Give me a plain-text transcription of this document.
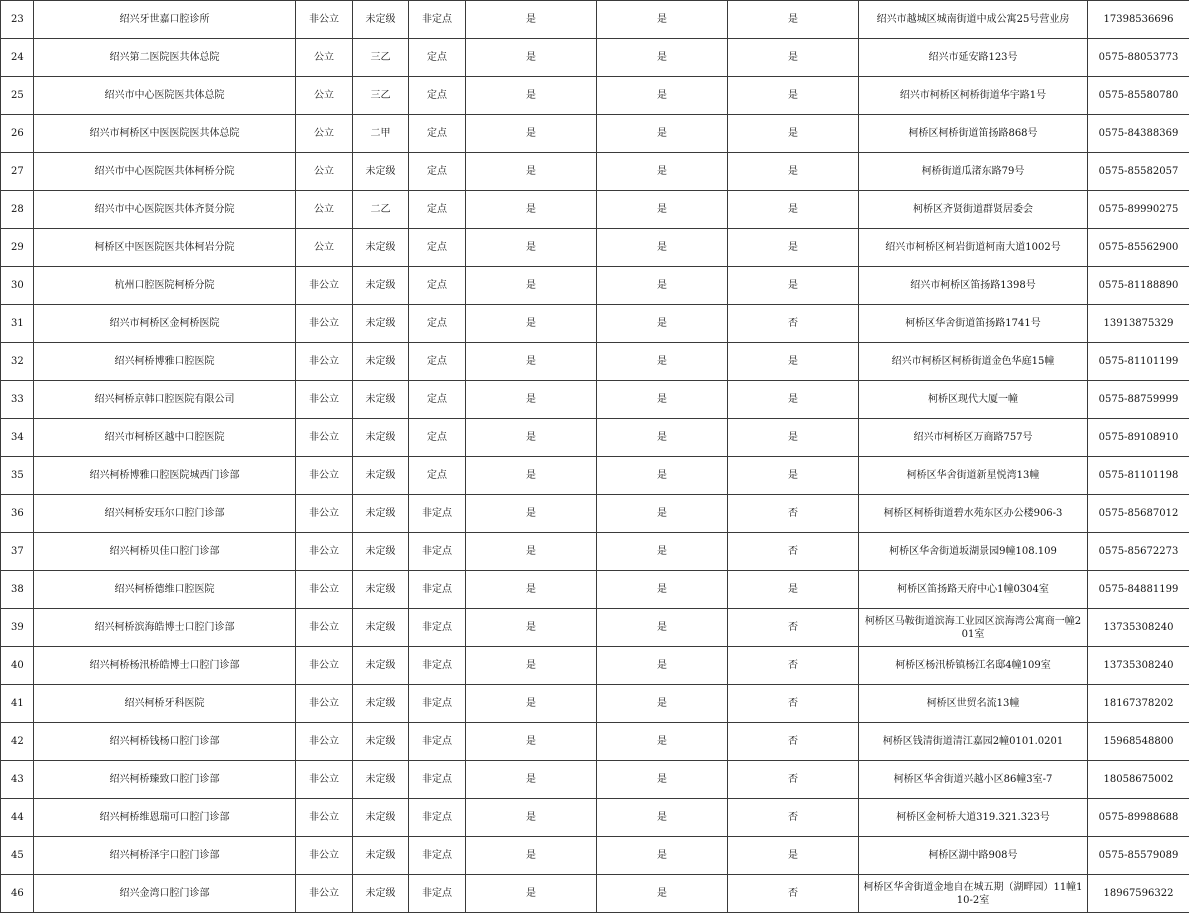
23	绍兴牙世嘉口腔诊所	非公立	未定级	非定点	是	是	是	绍兴市越城区城南街道中成公寓25号营业房	17398536696
24	绍兴第二医院医共体总院	公立	三乙	定点	是	是	是	绍兴市延安路123号	0575-88053773
25	绍兴市中心医院医共体总院	公立	三乙	定点	是	是	是	绍兴市柯桥区柯桥街道华宇路1号	0575-85580780
26	绍兴市柯桥区中医医院医共体总院	公立	二甲	定点	是	是	是	柯桥区柯桥街道笛扬路868号	0575-84388369
27	绍兴市中心医院医共体柯桥分院	公立	未定级	定点	是	是	是	柯桥街道瓜渚东路79号	0575-85582057
28	绍兴市中心医院医共体齐贤分院	公立	二乙	定点	是	是	是	柯桥区齐贤街道群贤居委会	0575-89990275
29	柯桥区中医医院医共体柯岩分院	公立	未定级	定点	是	是	是	绍兴市柯桥区柯岩街道柯南大道1002号	0575-85562900
30	杭州口腔医院柯桥分院	非公立	未定级	定点	是	是	是	绍兴市柯桥区笛扬路1398号	0575-81188890
31	绍兴市柯桥区金柯桥医院	非公立	未定级	定点	是	是	否	柯桥区华舍街道笛扬路1741号	13913875329
32	绍兴柯桥博雅口腔医院	非公立	未定级	定点	是	是	是	绍兴市柯桥区柯桥街道金色华庭15幢	0575-81101199
33	绍兴柯桥京韩口腔医院有限公司	非公立	未定级	定点	是	是	是	柯桥区现代大厦一幢	0575-88759999
34	绍兴市柯桥区越中口腔医院	非公立	未定级	定点	是	是	是	绍兴市柯桥区万商路757号	0575-89108910
35	绍兴柯桥博雅口腔医院城西门诊部	非公立	未定级	定点	是	是	是	柯桥区华舍街道新星悦湾13幢	0575-81101198
36	绍兴柯桥安珏尔口腔门诊部	非公立	未定级	非定点	是	是	否	柯桥区柯桥街道碧水苑东区办公楼906-3	0575-85687012
37	绍兴柯桥贝佳口腔门诊部	非公立	未定级	非定点	是	是	否	柯桥区华舍街道坂湖景园9幢108.109	0575-85672273
38	绍兴柯桥德维口腔医院	非公立	未定级	非定点	是	是	是	柯桥区笛扬路天府中心1幢0304室	0575-84881199
39	绍兴柯桥滨海皓博士口腔门诊部	非公立	未定级	非定点	是	是	否	柯桥区马鞍街道滨海工业园区滨海湾公寓商一幢201室	13735308240
40	绍兴柯桥杨汛桥皓博士口腔门诊部	非公立	未定级	非定点	是	是	否	柯桥区杨汛桥镇杨江名邸4幢109室	13735308240
41	绍兴柯桥牙科医院	非公立	未定级	非定点	是	是	否	柯桥区世贸名流13幢	18167378202
42	绍兴柯桥钱杨口腔门诊部	非公立	未定级	非定点	是	是	否	柯桥区钱清街道清江嘉园2幢0101.0201	15968548800
43	绍兴柯桥臻致口腔门诊部	非公立	未定级	非定点	是	是	否	柯桥区华舍街道兴越小区86幢3室-7	18058675002
44	绍兴柯桥维恩瑞可口腔门诊部	非公立	未定级	非定点	是	是	否	柯桥区金柯桥大道319.321.323号	0575-89988688
45	绍兴柯桥泽宇口腔门诊部	非公立	未定级	非定点	是	是	是	柯桥区湖中路908号	0575-85579089
46	绍兴金湾口腔门诊部	非公立	未定级	非定点	是	是	否	柯桥区华舍街道金地自在城五期（湖畔园）11幢110-2室	18967596322
